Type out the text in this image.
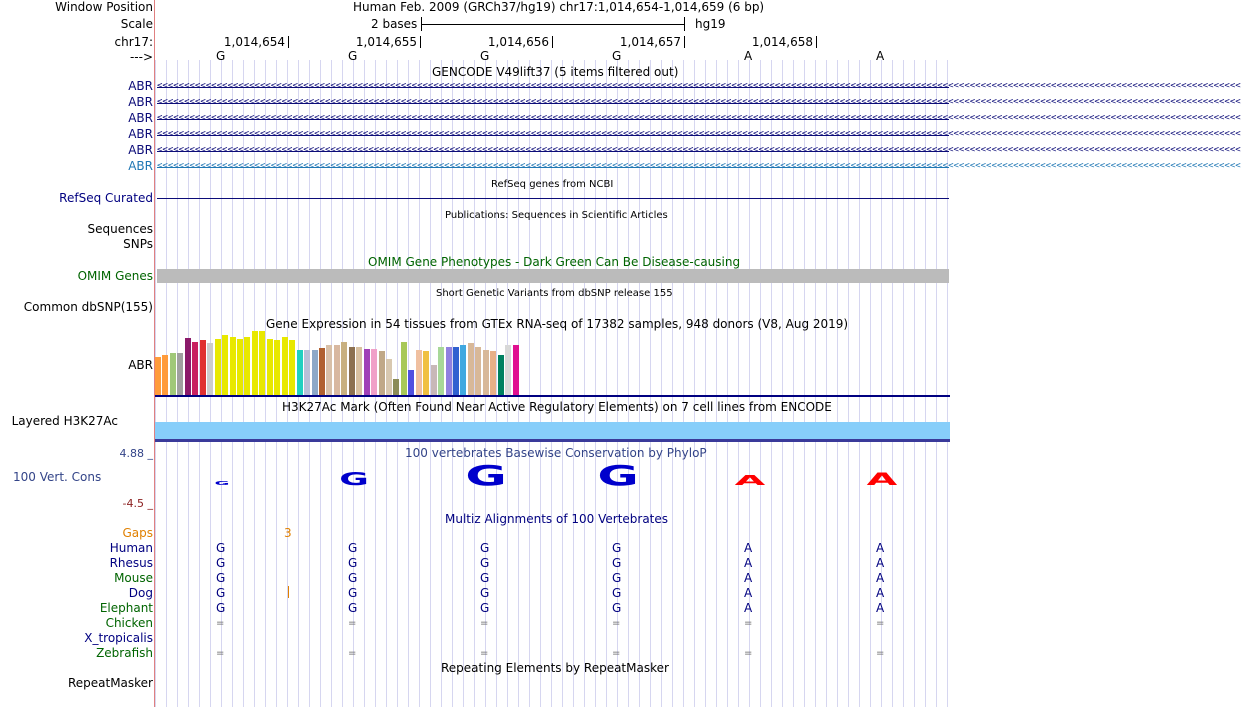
Window Position	Human Feb. 2009 (GRCh37/hg19) chr17:1,014,654-1,014,659 (6 bp)
Scale	2 bases	hg19
chr17:
--->
1,014,654	1,014,655	1,014,656	1,014,657	1,014,658
G	G	G	G	A	A
GENCODE V49lift37 (5 items filtered out)
ABR <<<<<<<<<<<<<<<<<<<<<<<<<<<<<<<<<<<<<<<<<<<<<<<<<<<<<<<<<<<<<<<<<<<<<<<<<<<<<<<<<<<<<<<<<<<<<<<<<<<<<<<<<<<<<<<<<<<<<<<<<<<<<<<<<<<<<<<<<<<<<<<<<<<<<<<<<<<<<<<<<<<<<<<<<<<<<<<<<<<<<<<<<<<<<<<<<<<<<<<<
ABR <<<<<<<<<<<<<<<<<<<<<<<<<<<<<<<<<<<<<<<<<<<<<<<<<<<<<<<<<<<<<<<<<<<<<<<<<<<<<<<<<<<<<<<<<<<<<<<<<<<<<<<<<<<<<<<<<<<<<<<<<<<<<<<<<<<<<<<<<<<<<<<<<<<<<<<<<<<<<<<<<<<<<<<<<<<<<<<<<<<<<<<<<<<<<<<<<<<<<<<<
ABR <<<<<<<<<<<<<<<<<<<<<<<<<<<<<<<<<<<<<<<<<<<<<<<<<<<<<<<<<<<<<<<<<<<<<<<<<<<<<<<<<<<<<<<<<<<<<<<<<<<<<<<<<<<<<<<<<<<<<<<<<<<<<<<<<<<<<<<<<<<<<<<<<<<<<<<<<<<<<<<<<<<<<<<<<<<<<<<<<<<<<<<<<<<<<<<<<<<<<<<<
ABR <<<<<<<<<<<<<<<<<<<<<<<<<<<<<<<<<<<<<<<<<<<<<<<<<<<<<<<<<<<<<<<<<<<<<<<<<<<<<<<<<<<<<<<<<<<<<<<<<<<<<<<<<<<<<<<<<<<<<<<<<<<<<<<<<<<<<<<<<<<<<<<<<<<<<<<<<<<<<<<<<<<<<<<<<<<<<<<<<<<<<<<<<<<<<<<<<<<<<<<<
ABR <<<<<<<<<<<<<<<<<<<<<<<<<<<<<<<<<<<<<<<<<<<<<<<<<<<<<<<<<<<<<<<<<<<<<<<<<<<<<<<<<<<<<<<<<<<<<<<<<<<<<<<<<<<<<<<<<<<<<<<<<<<<<<<<<<<<<<<<<<<<<<<<<<<<<<<<<<<<<<<<<<<<<<<<<<<<<<<<<<<<<<<<<<<<<<<<<<<<<<<<
ABR <<<<<<<<<<<<<<<<<<<<<<<<<<<<<<<<<<<<<<<<<<<<<<<<<<<<<<<<<<<<<<<<<<<<<<<<<<<<<<<<<<<<<<<<<<<<<<<<<<<<<<<<<<<<<<<<<<<<<<<<<<<<<<<<<<<<<<<<<<<<<<<<<<<<<<<<<<<<<<<<<<<<<<<<<<<<<<<<<<<<<<<<<<<<<<<<<<<<<<<<
RefSeq genes from NCBI
RefSeq Curated
Publications: Sequences in Scientific Articles
Sequences
SNPs
OMIM Gene Phenotypes - Dark Green Can Be Disease-causing
OMIM Genes
Short Genetic Variants from dbSNP release 155
Common dbSNP(155)
Gene Expression in 54 tissues from GTEx RNA-seq of 17382 samples, 948 donors (V8, Aug 2019)
ABR
H3K27Ac Mark (Often Found Near Active Regulatory Elements) on 7 cell lines from ENCODE
Layered H3K27Ac
100 vertebrates Basewise Conservation by PhyloP
4.88 _
100 Vert. Cons
-4.5 _
G	G	G	G	A	A
Multiz Alignments of 100 Vertebrates
Gaps	3
Human	G	G	G	G	A	A
Rhesus	G	G	G	G	A	A
Mouse	G	G	G	G	A	A
Dog	G	G	G	G	A	A
Elephant	G	G	G	G	A	A
Chicken	=	=	=	=	=	=
X_tropicalis
Zebrafish	=	=	=	=	=	=
Repeating Elements by RepeatMasker
RepeatMasker
